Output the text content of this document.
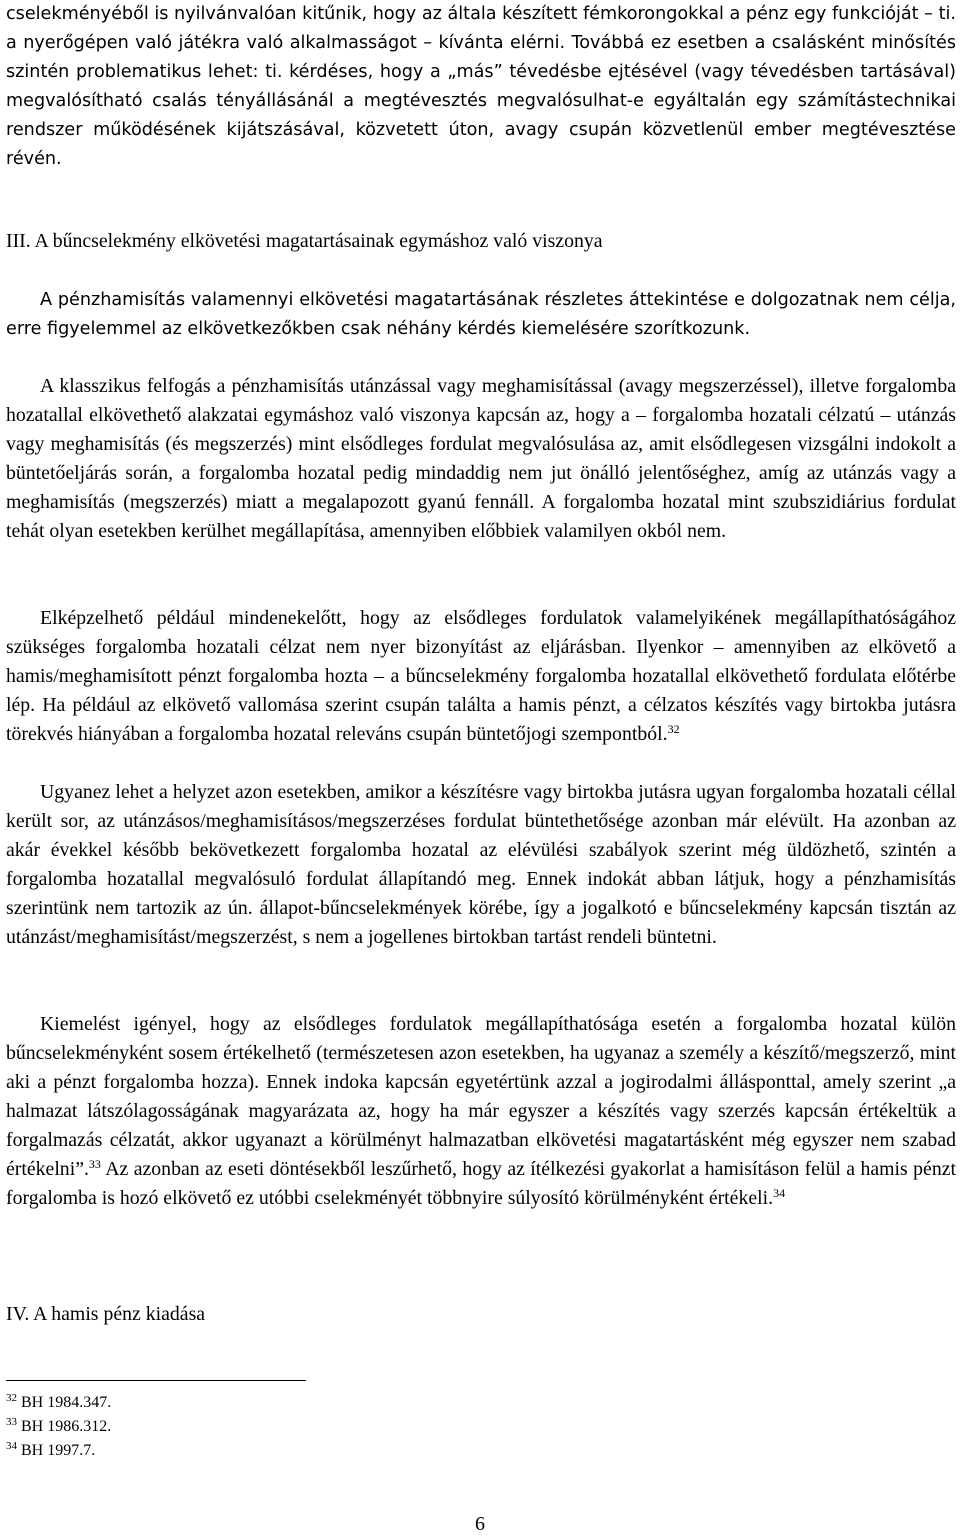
cselekményéből is nyilvánvalóan kitűnik, hogy az általa készített fémkorongokkal a pénz egy funkcióját – ti. a nyerőgépen való játékra való alkalmasságot – kívánta elérni. Továbbá ez esetben a csalásként minősítés szintén problematikus lehet: ti. kérdéses, hogy a „más” tévedésbe ejtésével (vagy tévedésben tartásával) megvalósítható csalás tényállásánál a megtévesztés megvalósulhat-e egyáltalán egy számítástechnikai rendszer működésének kijátszásával, közvetett úton, avagy csupán közvetlenül ember megtévesztése révén.

III. A bűncselekmény elkövetési magatartásainak egymáshoz való viszonya

A pénzhamisítás valamennyi elkövetési magatartásának részletes áttekintése e dolgozatnak nem célja, erre figyelemmel az elkövetkezőkben csak néhány kérdés kiemelésére szorítkozunk.

A klasszikus felfogás a pénzhamisítás utánzással vagy meghamisítással (avagy megszerzéssel), illetve forgalomba hozatallal elkövethető alakzatai egymáshoz való viszonya kapcsán az, hogy a – forgalomba hozatali célzatú – utánzás vagy meghamisítás (és megszerzés) mint elsődleges fordulat megvalósulása az, amit elsődlegesen vizsgálni indokolt a büntetőeljárás során, a forgalomba hozatal pedig mindaddig nem jut önálló jelentőséghez, amíg az utánzás vagy a meghamisítás (megszerzés) miatt a megalapozott gyanú fennáll. A forgalomba hozatal mint szubszidiárius fordulat tehát olyan esetekben kerülhet megállapítása, amennyiben előbbiek valamilyen okból nem.

Elképzelhető például mindenekelőtt, hogy az elsődleges fordulatok valamelyikének megállapíthatóságához szükséges forgalomba hozatali célzat nem nyer bizonyítást az eljárásban. Ilyenkor – amennyiben az elkövető a hamis/meghamisított pénzt forgalomba hozta – a bűncselekmény forgalomba hozatallal elkövethető fordulata előtérbe lép. Ha például az elkövető vallomása szerint csupán találta a hamis pénzt, a célzatos készítés vagy birtokba jutásra törekvés hiányában a forgalomba hozatal releváns csupán büntetőjogi szempontból.$^{32}$

Ugyanez lehet a helyzet azon esetekben, amikor a készítésre vagy birtokba jutásra ugyan forgalomba hozatali céllal került sor, az utánzásos/meghamisításos/megszerzéses fordulat büntethetősége azonban már elévült. Ha azonban az akár évekkel később bekövetkezett forgalomba hozatal az elévülési szabályok szerint még üldözhető, szintén a forgalomba hozatallal megvalósuló fordulat állapítandó meg. Ennek indokát abban látjuk, hogy a pénzhamisítás szerintünk nem tartozik az ún. állapot-bűncselekmények körébe, így a jogalkotó e bűncselekmény kapcsán tisztán az utánzást/meghamisítást/megszerzést, s nem a jogellenes birtokban tartást rendeli büntetni.

Kiemelést igényel, hogy az elsődleges fordulatok megállapíthatósága esetén a forgalomba hozatal külön bűncselekményként sosem értékelhető (természetesen azon esetekben, ha ugyanaz a személy a készítő/megszerző, mint aki a pénzt forgalomba hozza). Ennek indoka kapcsán egyetértünk azzal a jogirodalmi állásponttal, amely szerint „a halmazat látszólagosságának magyarázata az, hogy ha már egyszer a készítés vagy szerzés kapcsán értékeltük a forgalmazás célzatát, akkor ugyanazt a körülményt halmazatban elkövetési magatartásként még egyszer nem szabad értékelni”.$^{33}$ Az azonban az eseti döntésekből leszűrhető, hogy az ítélkezési gyakorlat a hamisításon felül a hamis pénzt forgalomba is hozó elkövető ez utóbbi cselekményét többnyire súlyosító körülményként értékeli.$^{34}$

IV. A hamis pénz kiadása

$^{32}$ BH 1984.347.

$^{33}$ BH 1986.312.

$^{34}$ BH 1997.7.

6
